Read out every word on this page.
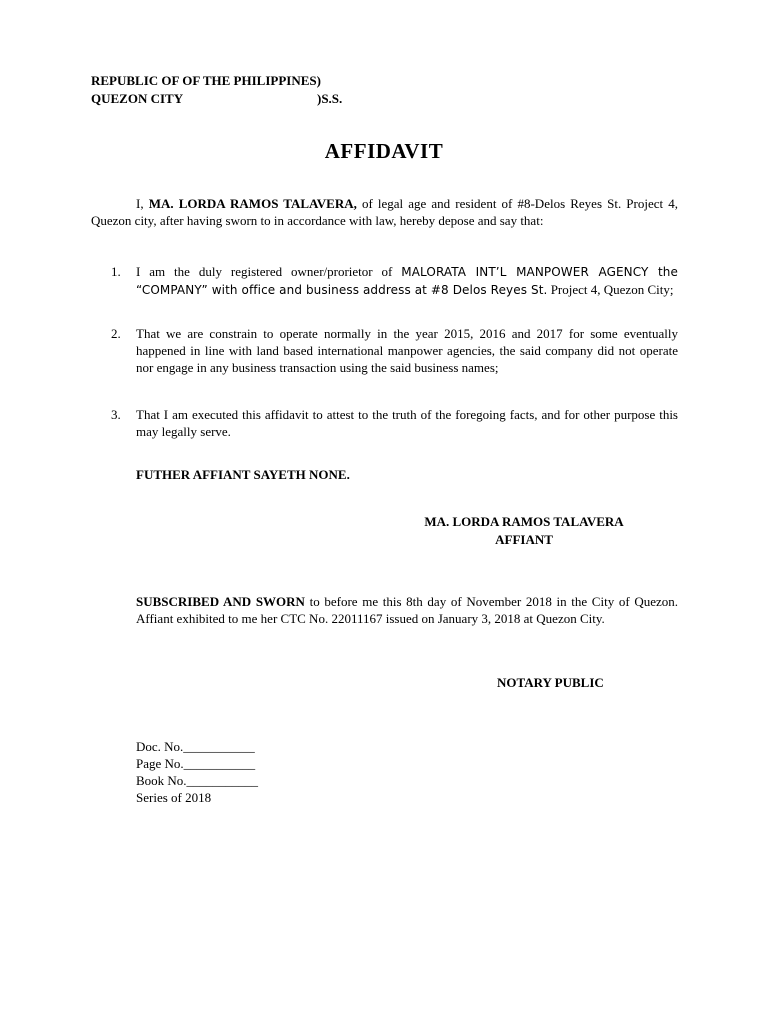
REPUBLIC OF OF THE PHILIPPINES)
QUEZON CITY	)S.S.
AFFIDAVIT
I, MA. LORDA RAMOS TALAVERA, of legal age and resident of #8-Delos Reyes St. Project 4, Quezon city, after having sworn to in accordance with law, hereby depose and say that:
1. I am the duly registered owner/prorietor of MALORATA INT’L MANPOWER AGENCY the “COMPANY” with office and business address at #8 Delos Reyes St. Project 4, Quezon City;
2. That we are constrain to operate normally in the year 2015, 2016 and 2017 for some eventually happened in line with land based international manpower agencies, the said company did not operate nor engage in any business transaction using the said business names;
3. That I am executed this affidavit to attest to the truth of the foregoing facts, and for other purpose this may legally serve.
FUTHER AFFIANT SAYETH NONE.
MA. LORDA RAMOS TALAVERA
AFFIANT
SUBSCRIBED AND SWORN to before me this 8th day of November 2018 in the City of Quezon. Affiant exhibited to me her CTC No. 22011167 issued on January 3, 2018 at Quezon City.
NOTARY PUBLIC
Doc. No.___________
Page No.___________
Book No.___________
Series of 2018
